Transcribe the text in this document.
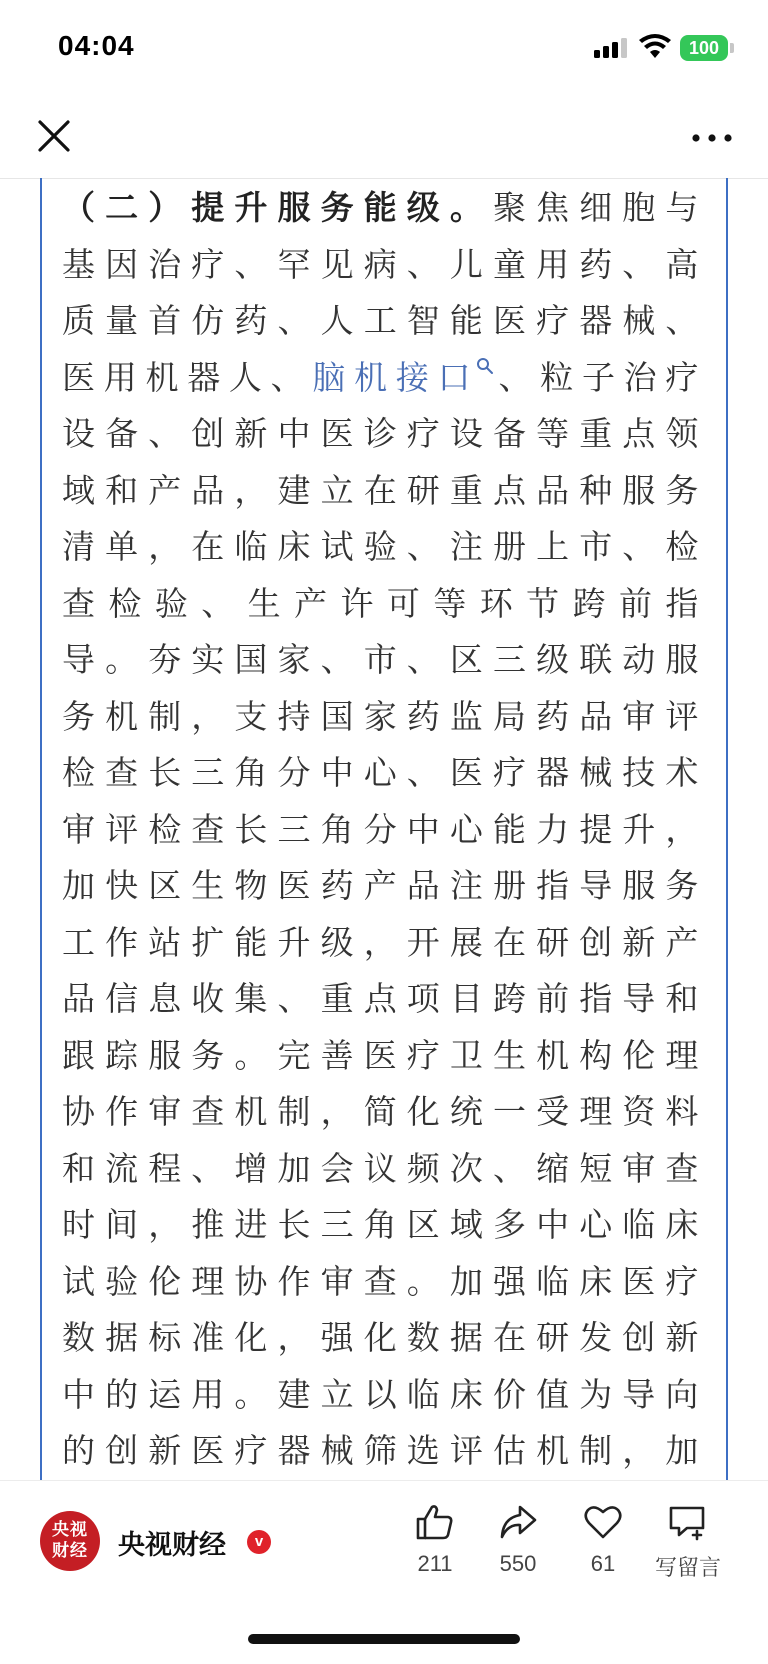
04:04	100

（二）提升服务能级。聚焦细胞与基因治疗、罕见病、儿童用药、高质量首仿药、人工智能医疗器械、医用机器人、脑机接口 、粒子治疗设备、创新中医诊疗设备等重点领域和产品，建立在研重点品种服务清单，在临床试验、注册上市、检查检验、生产许可等环节跨前指导。夯实国家、市、区三级联动服务机制，支持国家药监局药品审评检查长三角分中心、医疗器械技术审评检查长三角分中心能力提升，加快区生物医药产品注册指导服务工作站扩能升级，开展在研创新产品信息收集、重点项目跨前指导和跟踪服务。完善医疗卫生机构伦理协作审查机制，简化统一受理资料和流程、增加会议频次、缩短审查时间，推进长三角区域多中心临床试验伦理协作审查。加强临床医疗数据标准化，强化数据在研发创新中的运用。建立以临床价值为导向的创新医疗器械筛选评估机制，加

央视财经 央视财经	v
211	550	61	写留言
